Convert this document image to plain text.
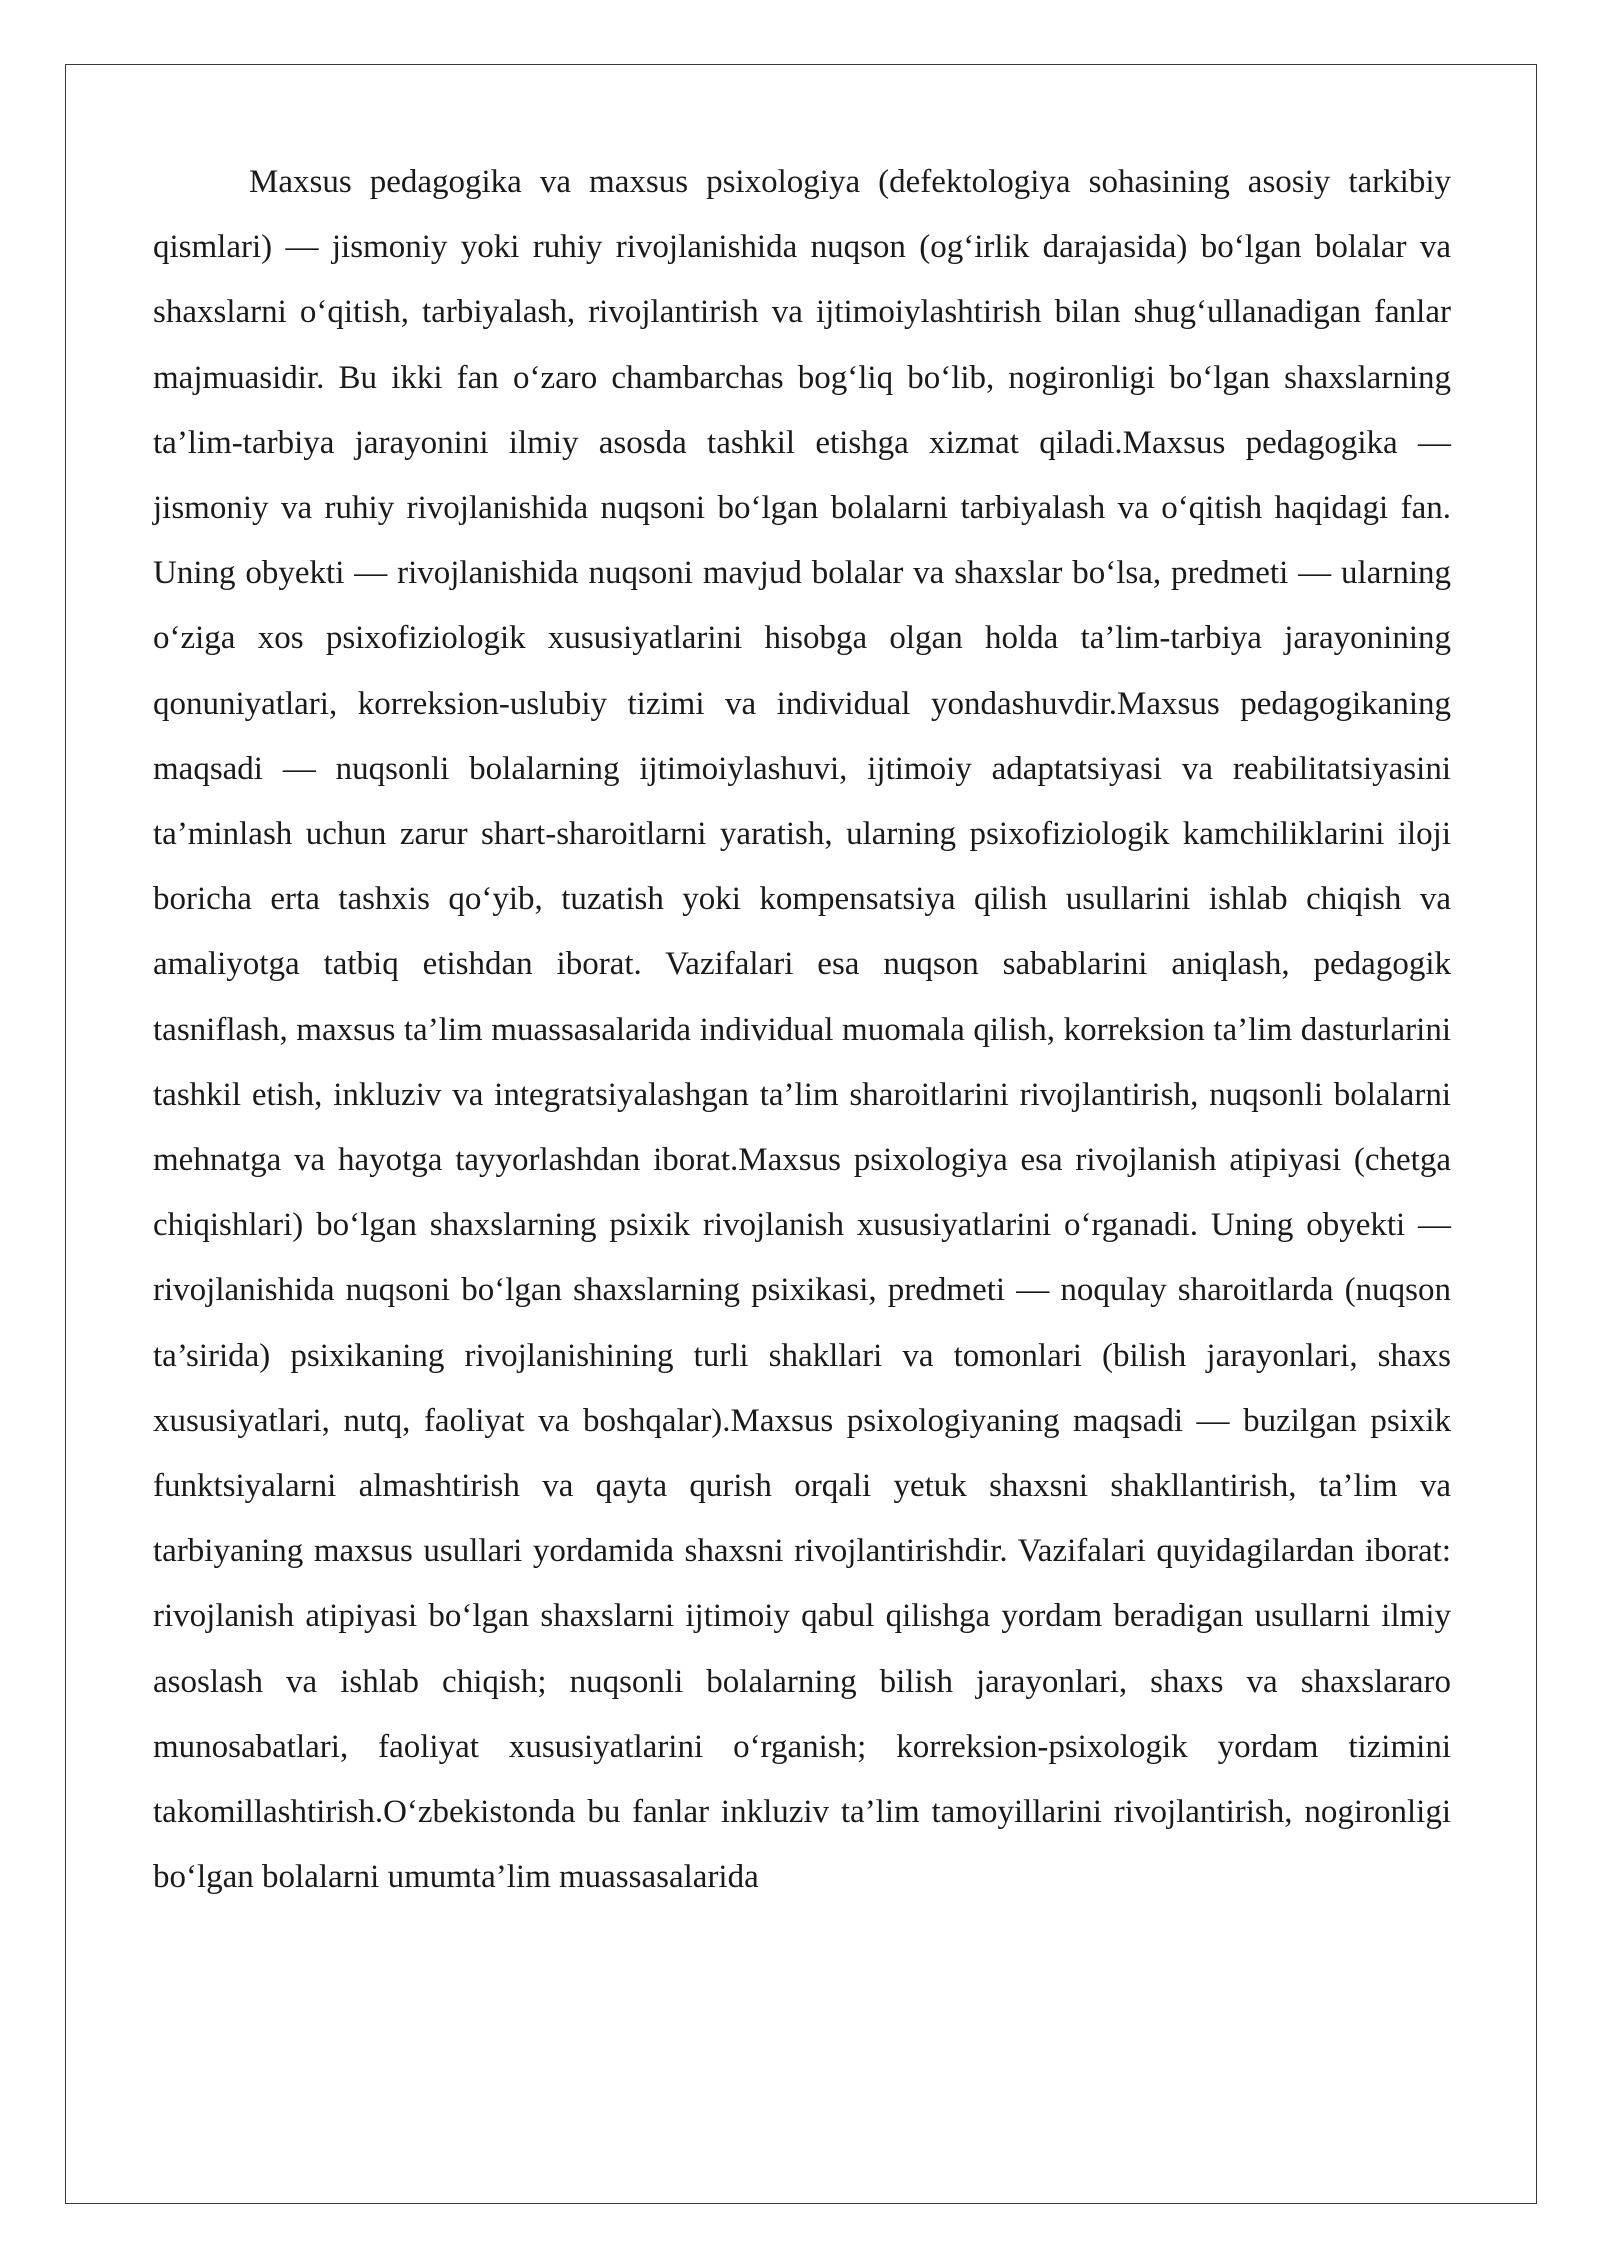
Maxsus pedagogika va maxsus psixologiya (defektologiya sohasining asosiy tarkibiy qismlari) — jismoniy yoki ruhiy rivojlanishida nuqson (og‘irlik darajasida) bo‘lgan bolalar va shaxslarni o‘qitish, tarbiyalash, rivojlantirish va ijtimoiylashtirish bilan shug‘ullanadigan fanlar majmuasidir. Bu ikki fan o‘zaro chambarchas bog‘liq bo‘lib, nogironligi bo‘lgan shaxslarning ta’lim-tarbiya jarayonini ilmiy asosda tashkil etishga xizmat qiladi.Maxsus pedagogika — jismoniy va ruhiy rivojlanishida nuqsoni bo‘lgan bolalarni tarbiyalash va o‘qitish haqidagi fan. Uning obyekti — rivojlanishida nuqsoni mavjud bolalar va shaxslar bo‘lsa, predmeti — ularning o‘ziga xos psixofiziologik xususiyatlarini hisobga olgan holda ta’lim-tarbiya jarayonining qonuniyatlari, korreksion-uslubiy tizimi va individual yondashuvdir.Maxsus pedagogikaning maqsadi — nuqsonli bolalarning ijtimoiylashuvi, ijtimoiy adaptatsiyasi va reabilitatsiyasini ta’minlash uchun zarur shart-sharoitlarni yaratish, ularning psixofiziologik kamchiliklarini iloji boricha erta tashxis qo‘yib, tuzatish yoki kompensatsiya qilish usullarini ishlab chiqish va amaliyotga tatbiq etishdan iborat. Vazifalari esa nuqson sabablarini aniqlash, pedagogik tasniflash, maxsus ta’lim muassasalarida individual muomala qilish, korreksion ta’lim dasturlarini tashkil etish, inkluziv va integratsiyalashgan ta’lim sharoitlarini rivojlantirish, nuqsonli bolalarni mehnatga va hayotga tayyorlashdan iborat.Maxsus psixologiya esa rivojlanish atipiyasi (chetga chiqishlari) bo‘lgan shaxslarning psixik rivojlanish xususiyatlarini o‘rganadi. Uning obyekti — rivojlanishida nuqsoni bo‘lgan shaxslarning psixikasi, predmeti — noqulay sharoitlarda (nuqson ta’sirida) psixikaning rivojlanishining turli shakllari va tomonlari (bilish jarayonlari, shaxs xususiyatlari, nutq, faoliyat va boshqalar).Maxsus psixologiyaning maqsadi — buzilgan psixik funktsiyalarni almashtirish va qayta qurish orqali yetuk shaxsni shakllantirish, ta’lim va tarbiyaning maxsus usullari yordamida shaxsni rivojlantirishdir. Vazifalari quyidagilardan iborat: rivojlanish atipiyasi bo‘lgan shaxslarni ijtimoiy qabul qilishga yordam beradigan usullarni ilmiy asoslash va ishlab chiqish; nuqsonli bolalarning bilish jarayonlari, shaxs va shaxslararo munosabatlari, faoliyat xususiyatlarini o‘rganish; korreksion-psixologik yordam tizimini takomillashtirish.O‘zbekistonda bu fanlar inkluziv ta’lim tamoyillarini rivojlantirish, nogironligi bo‘lgan bolalarni umumta’lim muassasalarida
